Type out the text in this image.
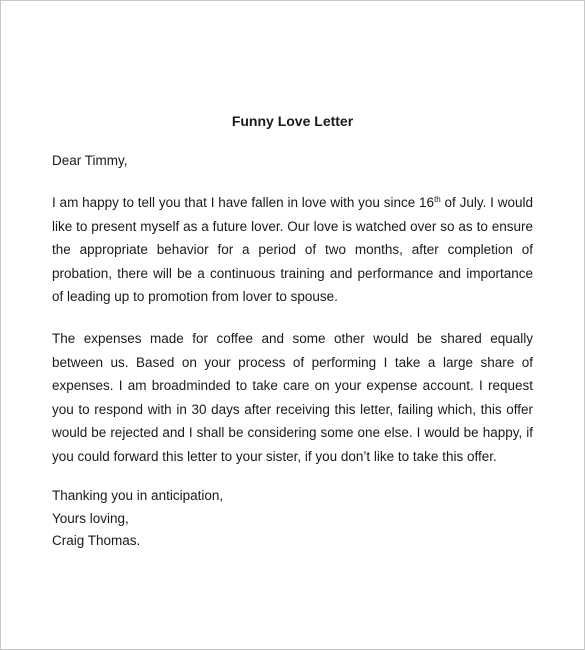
Funny Love Letter
Dear Timmy,
I am happy to tell you that I have fallen in love with you since 16th of July. I would like to present myself as a future lover. Our love is watched over so as to ensure the appropriate behavior for a period of two months, after completion of probation, there will be a continuous training and performance and importance of leading up to promotion from lover to spouse.
The expenses made for coffee and some other would be shared equally between us. Based on your process of performing I take a large share of expenses. I am broadminded to take care on your expense account. I request you to respond with in 30 days after receiving this letter, failing which, this offer would be rejected and I shall be considering some one else. I would be happy, if you could forward this letter to your sister, if you don’t like to take this offer.
Thanking you in anticipation,
Yours loving,
Craig Thomas.
